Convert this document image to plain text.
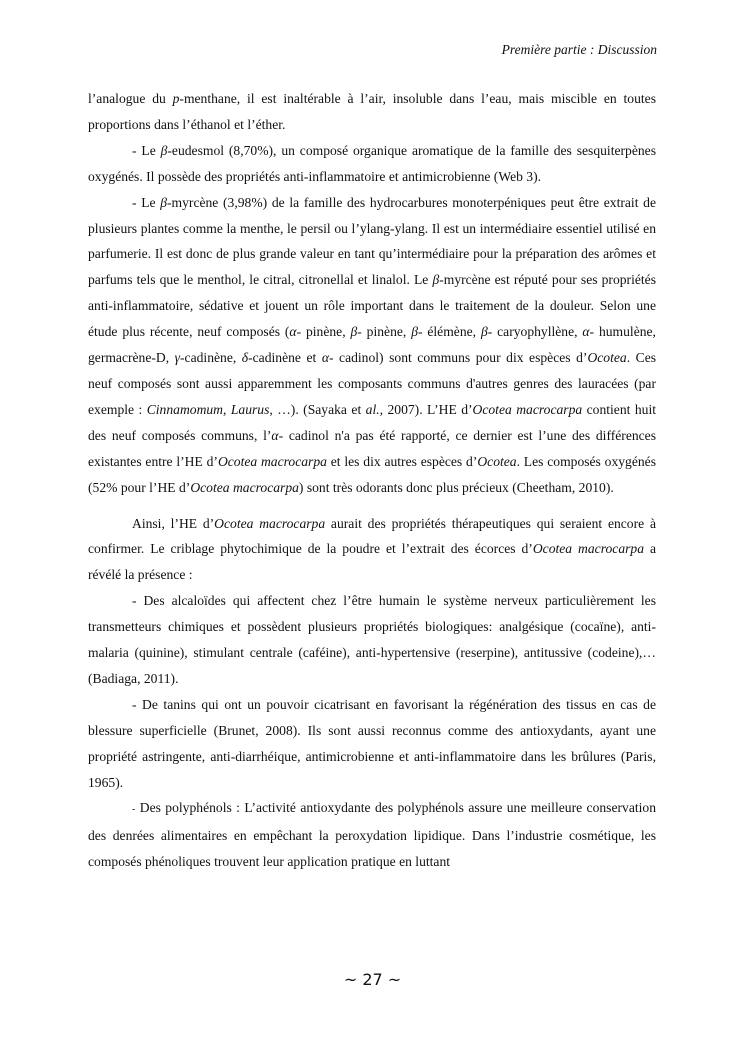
Première partie : Discussion

l’analogue du p-menthane, il est inaltérable à l’air, insoluble dans l’eau, mais miscible en toutes proportions dans l’éthanol et l’éther.

- Le β-eudesmol (8,70%), un composé organique aromatique de la famille des sesquiterpènes oxygénés. Il possède des propriétés anti-inflammatoire et antimicrobienne (Web 3).

- Le β-myrcène (3,98%) de la famille des hydrocarbures monoterpéniques peut être extrait de plusieurs plantes comme la menthe, le persil ou l’ylang-ylang. Il est un intermédiaire essentiel utilisé en parfumerie. Il est donc de plus grande valeur en tant qu’intermédiaire pour la préparation des arômes et parfums tels que le menthol, le citral, citronellal et linalol. Le β-myrcène est réputé pour ses propriétés anti-inflammatoire, sédative et jouent un rôle important dans le traitement de la douleur. Selon une étude plus récente, neuf composés (α- pinène, β- pinène, β- élémène, β- caryophyllène, α- humulène, germacrène-D, γ-cadinène, δ-cadinène et α- cadinol) sont communs pour dix espèces d’Ocotea. Ces neuf composés sont aussi apparemment les composants communs d'autres genres des lauracées (par exemple : Cinnamomum, Laurus, …). (Sayaka et al., 2007). L’HE d’Ocotea macrocarpa contient huit des neuf composés communs, l’α- cadinol n'a pas été rapporté, ce dernier est l’une des différences existantes entre l’HE d’Ocotea macrocarpa et les dix autres espèces d’Ocotea. Les composés oxygénés (52% pour l’HE d’Ocotea macrocarpa) sont très odorants donc plus précieux (Cheetham, 2010).

Ainsi, l’HE d’Ocotea macrocarpa aurait des propriétés thérapeutiques qui seraient encore à confirmer. Le criblage phytochimique de la poudre et l’extrait des écorces d’Ocotea macrocarpa a révélé la présence :

- Des alcaloïdes qui affectent chez l’être humain le système nerveux particulièrement les transmetteurs chimiques et possèdent plusieurs propriétés biologiques: analgésique (cocaïne), anti-malaria (quinine), stimulant centrale (caféine), anti-hypertensive (reserpine), antitussive (codeine),… (Badiaga, 2011).

- De tanins qui ont un pouvoir cicatrisant en favorisant la régénération des tissus en cas de blessure superficielle (Brunet, 2008). Ils sont aussi reconnus comme des antioxydants, ayant une propriété astringente, anti-diarrhéique, antimicrobienne et anti-inflammatoire dans les brûlures (Paris, 1965).

- Des polyphénols : L’activité antioxydante des polyphénols assure une meilleure conservation des denrées alimentaires en empêchant la peroxydation lipidique. Dans l’industrie cosmétique, les composés phénoliques trouvent leur application pratique en luttant

~ 27 ~
